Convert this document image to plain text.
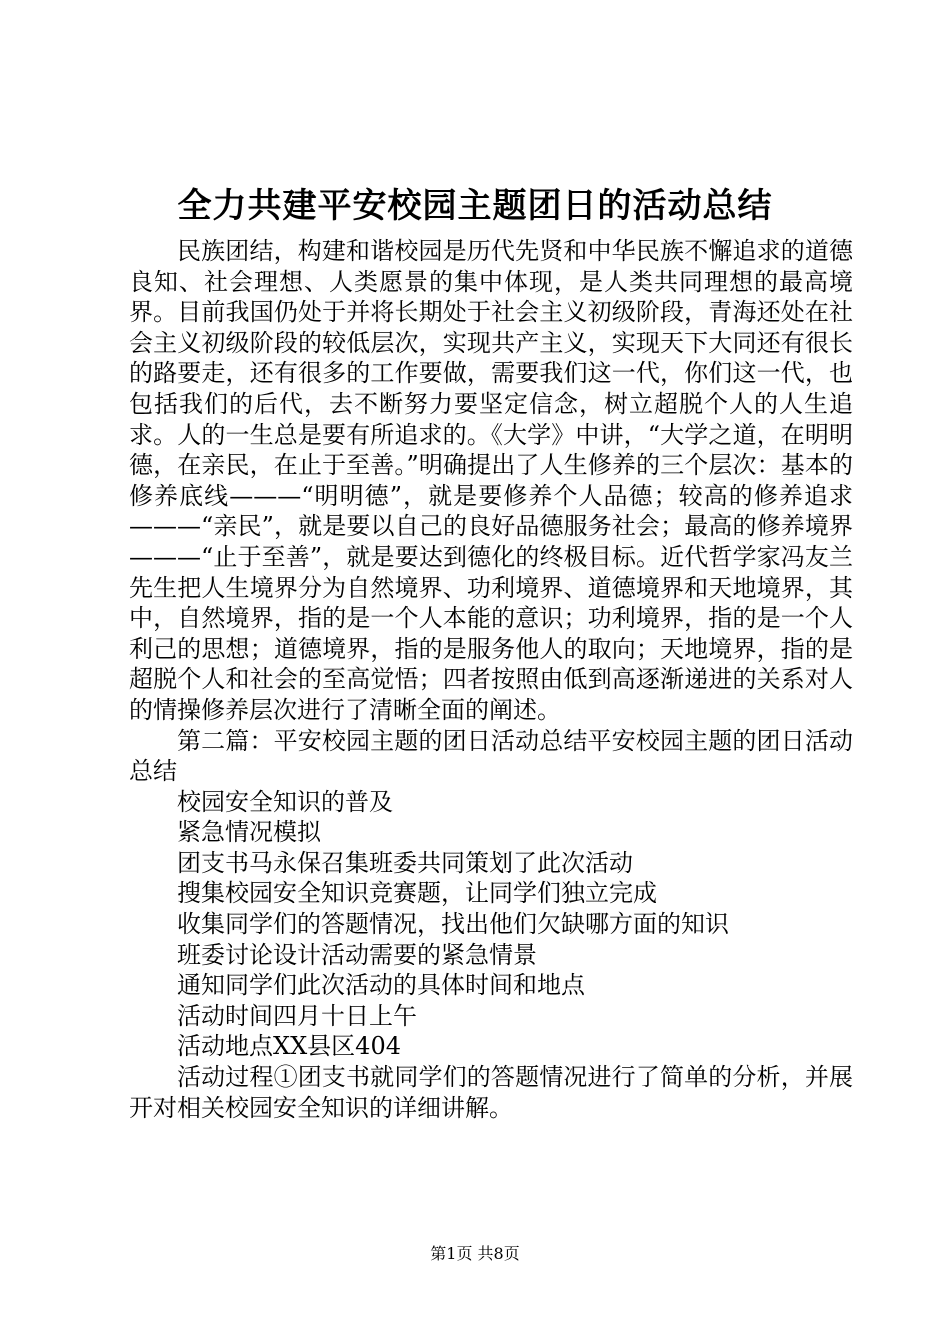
全力共建平安校园主题团日的活动总结

民族团结，构建和谐校园是历代先贤和中华民族不懈追求的道德良知、社会理想、人类愿景的集中体现，是人类共同理想的最高境界。目前我国仍处于并将长期处于社会主义初级阶段，青海还处在社会主义初级阶段的较低层次，实现共产主义，实现天下大同还有很长的路要走，还有很多的工作要做，需要我们这一代，你们这一代，也包括我们的后代，去不断努力要坚定信念，树立超脱个人的人生追求。人的一生总是要有所追求的。《大学》中讲，“大学之道，在明明德，在亲民，在止于至善。”明确提出了人生修养的三个层次：基本的修养底线———“明明德”，就是要修养个人品德；较高的修养追求———“亲民”，就是要以自己的良好品德服务社会；最高的修养境界———“止于至善”，就是要达到德化的终极目标。近代哲学家冯友兰先生把人生境界分为自然境界、功利境界、道德境界和天地境界，其中，自然境界，指的是一个人本能的意识；功利境界，指的是一个人利己的思想；道德境界，指的是服务他人的取向；天地境界，指的是超脱个人和社会的至高觉悟；四者按照由低到高逐渐递进的关系对人的情操修养层次进行了清晰全面的阐述。

第二篇：平安校园主题的团日活动总结平安校园主题的团日活动总结

校园安全知识的普及

紧急情况模拟

团支书马永保召集班委共同策划了此次活动

搜集校园安全知识竞赛题，让同学们独立完成

收集同学们的答题情况，找出他们欠缺哪方面的知识

班委讨论设计活动需要的紧急情景

通知同学们此次活动的具体时间和地点

活动时间四月十日上午

活动地点XX县区404

活动过程①团支书就同学们的答题情况进行了简单的分析，并展开对相关校园安全知识的详细讲解。

第1页 共8页
